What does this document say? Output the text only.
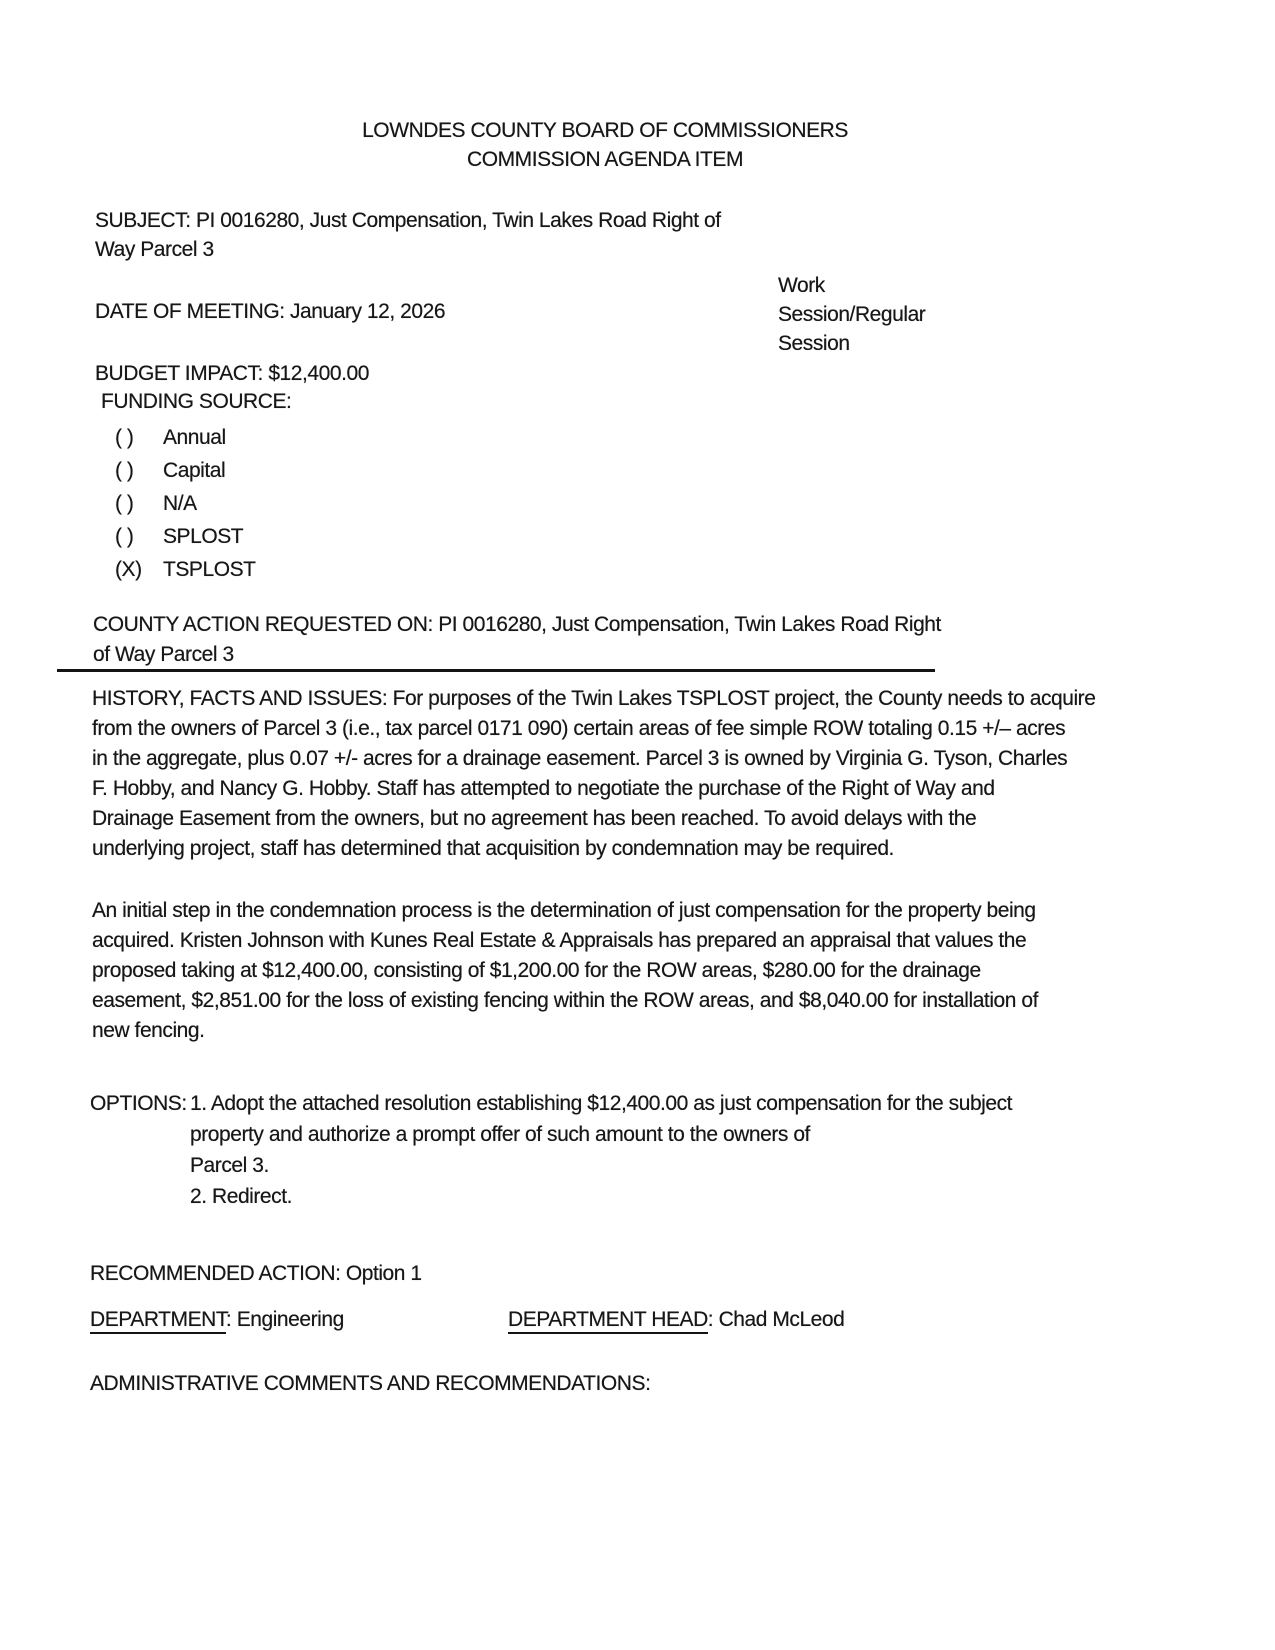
LOWNDES COUNTY BOARD OF COMMISSIONERS
COMMISSION AGENDA ITEM
SUBJECT: PI 0016280, Just Compensation, Twin Lakes Road Right of
Way Parcel 3
Work
Session/Regular
Session
DATE OF MEETING: January 12, 2026
BUDGET IMPACT: $12,400.00
FUNDING SOURCE:
( )	Annual
( )	Capital
( )	N/A
( )	SPLOST
(X)	TSPLOST
COUNTY ACTION REQUESTED ON: PI 0016280, Just Compensation, Twin Lakes Road Right
of Way Parcel 3
HISTORY, FACTS AND ISSUES: For purposes of the Twin Lakes TSPLOST project, the County needs to acquire
from the owners of Parcel 3 (i.e., tax parcel 0171 090) certain areas of fee simple ROW totaling 0.15 +/– acres
in the aggregate, plus 0.07 +/- acres for a drainage easement. Parcel 3 is owned by Virginia G. Tyson, Charles
F. Hobby, and Nancy G. Hobby. Staff has attempted to negotiate the purchase of the Right of Way and
Drainage Easement from the owners, but no agreement has been reached. To avoid delays with the
underlying project, staff has determined that acquisition by condemnation may be required.
An initial step in the condemnation process is the determination of just compensation for the property being
acquired. Kristen Johnson with Kunes Real Estate & Appraisals has prepared an appraisal that values the
proposed taking at $12,400.00, consisting of $1,200.00 for the ROW areas, $280.00 for the drainage
easement, $2,851.00 for the loss of existing fencing within the ROW areas, and $8,040.00 for installation of
new fencing.
OPTIONS: 1. Adopt the attached resolution establishing $12,400.00 as just compensation for the subject
property and authorize a prompt offer of such amount to the owners of
Parcel 3.
2. Redirect.
RECOMMENDED ACTION: Option 1
DEPARTMENT: Engineering	DEPARTMENT HEAD: Chad McLeod
ADMINISTRATIVE COMMENTS AND RECOMMENDATIONS:
